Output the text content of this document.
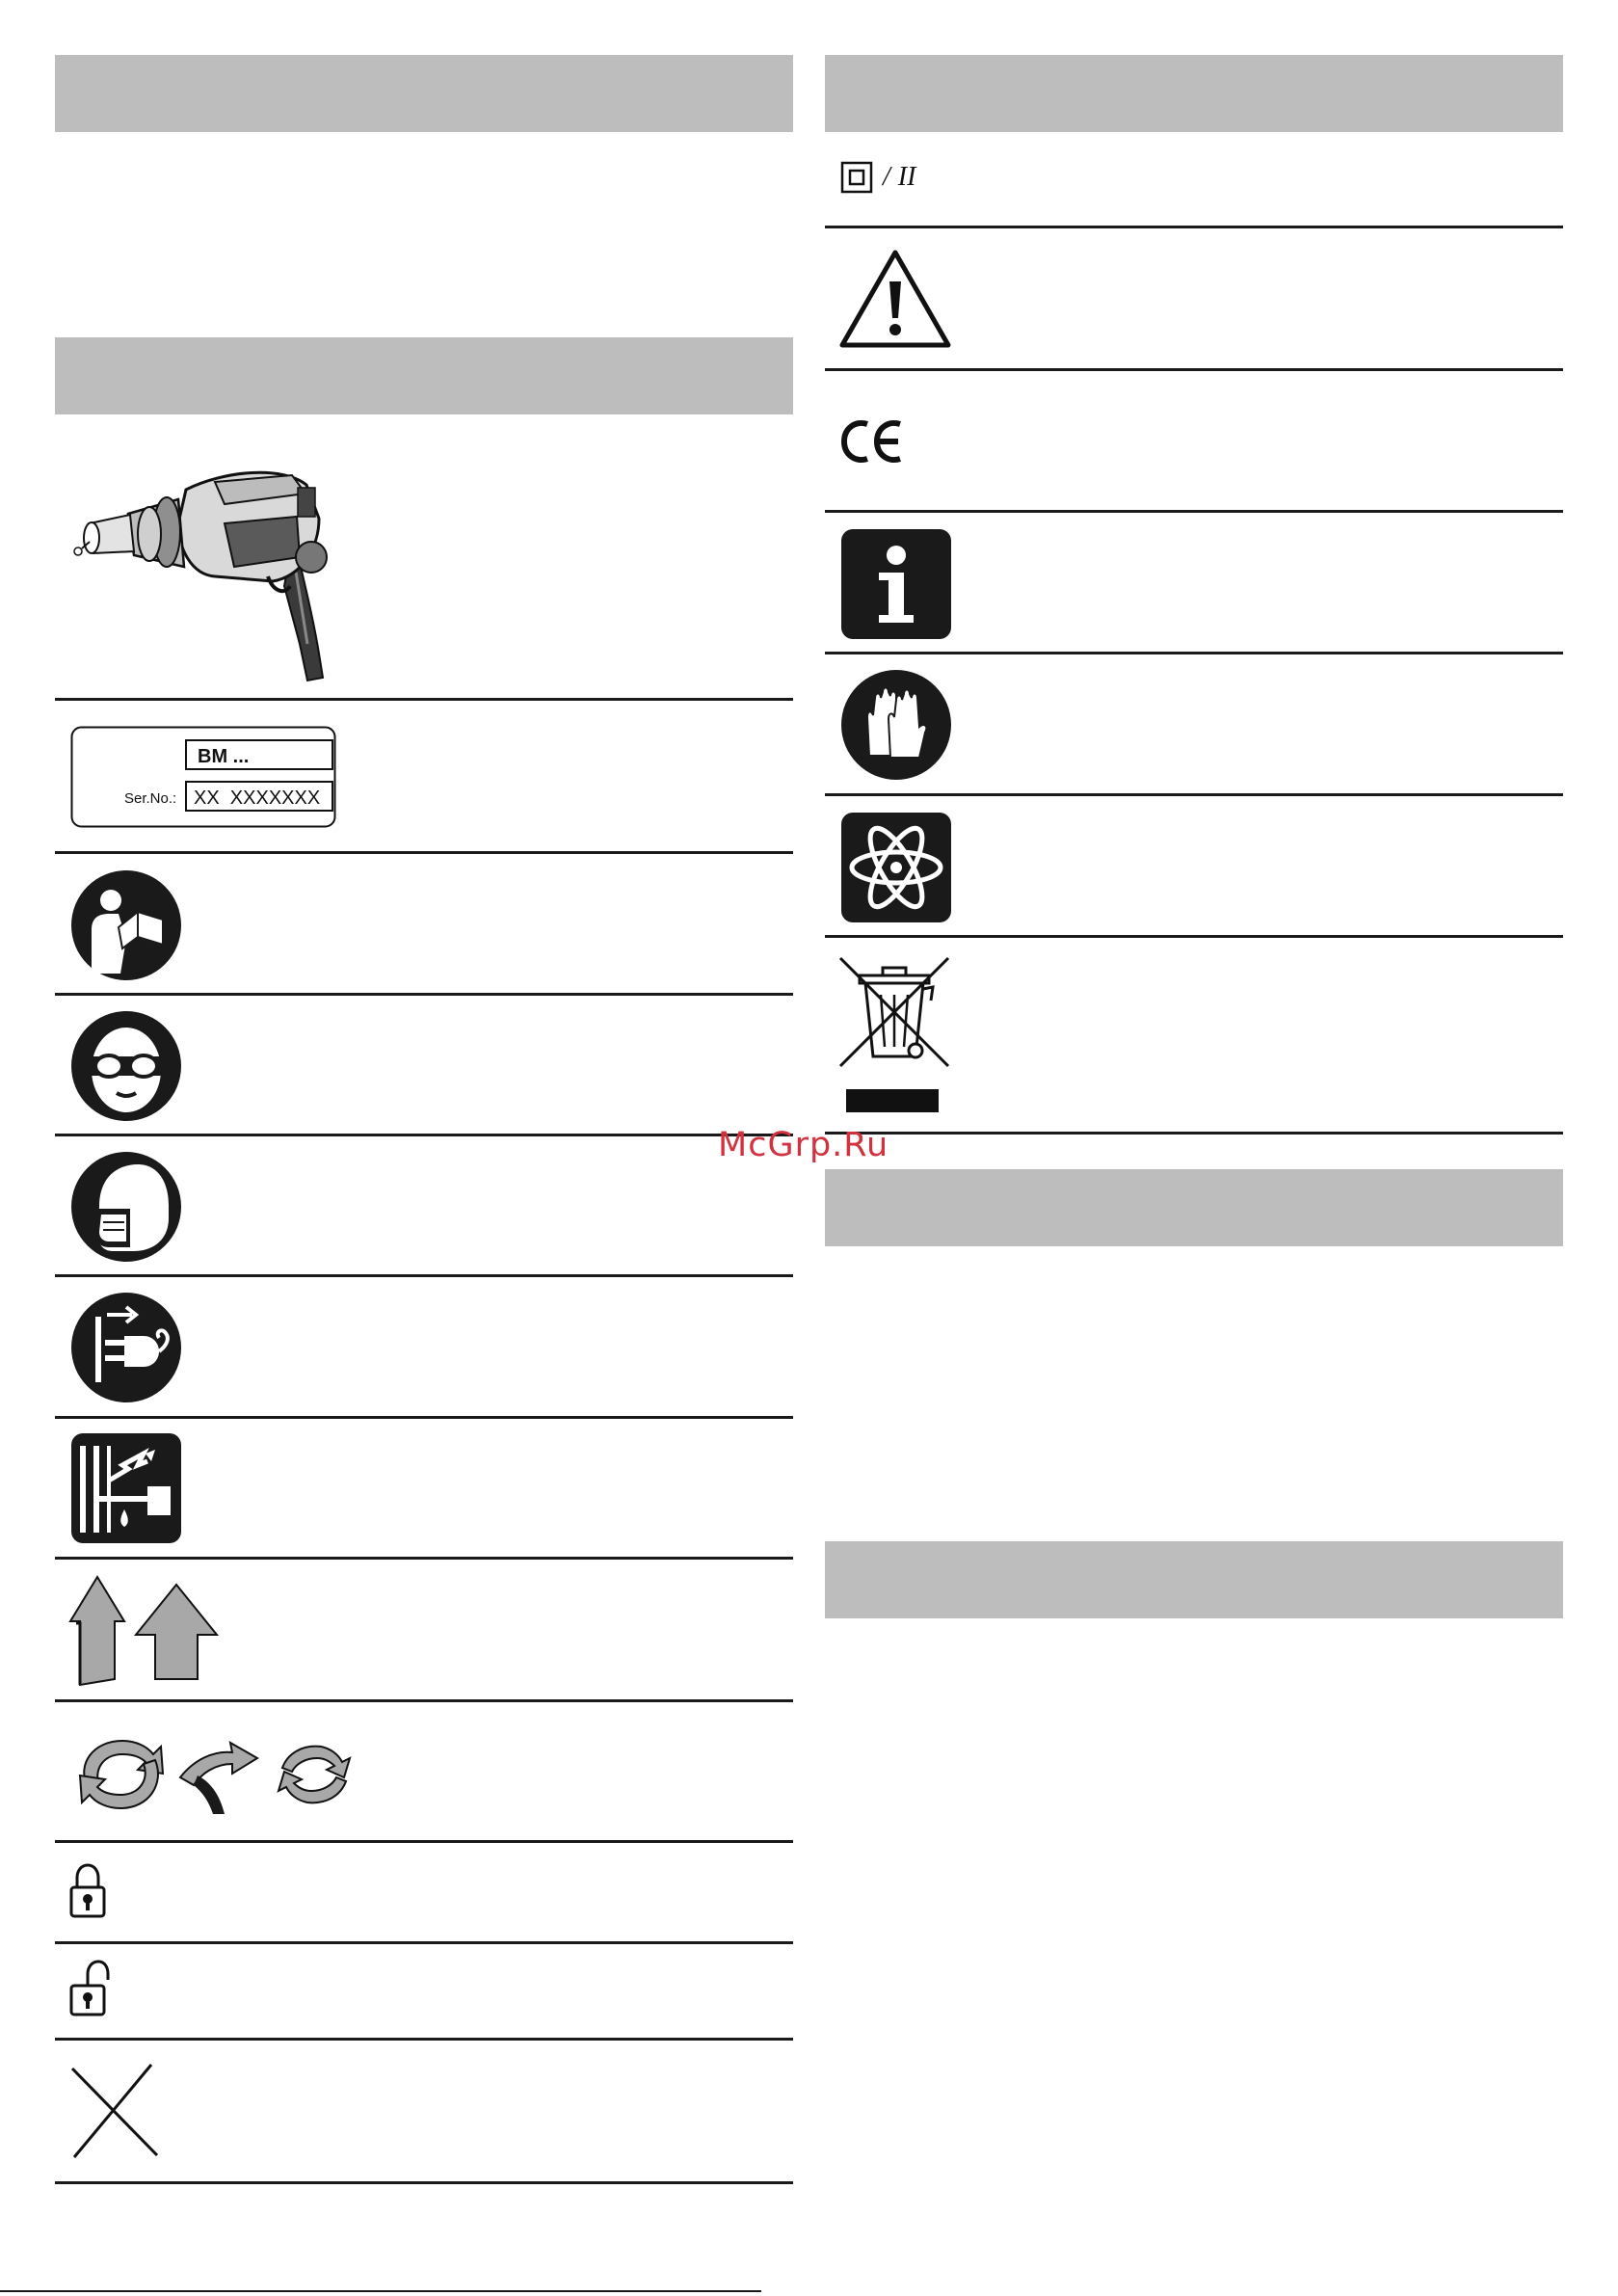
BM ...
Ser.No.: XX  XXXXXXX
/ II
McGrp.Ru
